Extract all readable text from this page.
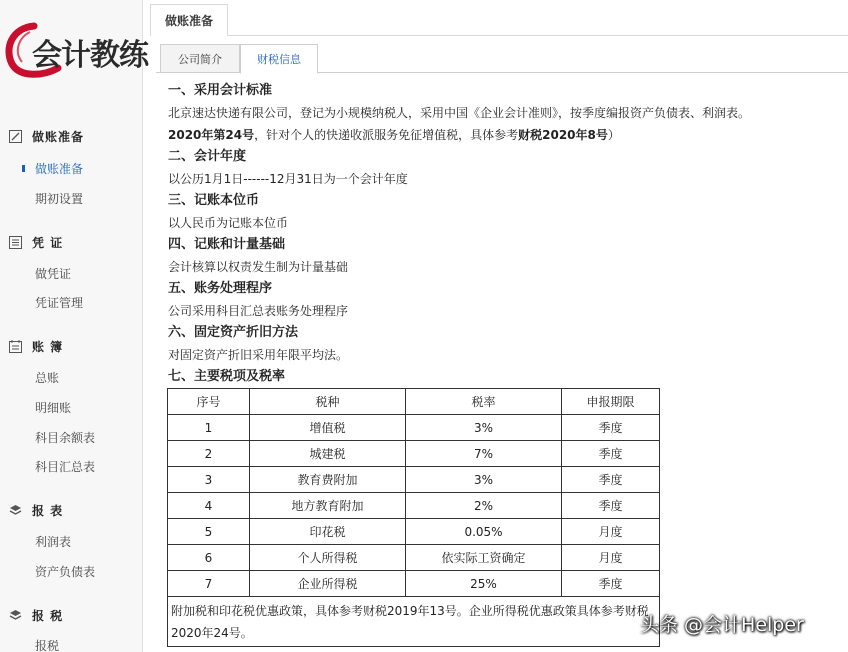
会计教练
做账准备
做账准备
期初设置
凭 证
做凭证
凭证管理
账 簿
总账
明细账
科目余额表
科目汇总表
报 表
利润表
资产负债表
报 税
报税
做账准备
公司简介	财税信息
一、采用会计标准
北京速达快递有限公司，登记为小规模纳税人，采用中国《企业会计准则》，按季度编报资产负债表、利润表。
2020年第24号，针对个人的快递收派服务免征增值税，具体参考财税2020年8号）
二、会计年度
以公历1月1日------12月31日为一个会计年度
三、记账本位币
以人民币为记账本位币
四、记账和计量基础
会计核算以权责发生制为计量基础
五、账务处理程序
公司采用科目汇总表账务处理程序
六、固定资产折旧方法
对固定资产折旧采用年限平均法。
七、主要税项及税率
序号	税种	税率	申报期限
1	增值税	3%	季度
2	城建税	7%	季度
3	教育费附加	3%	季度
4	地方教育附加	2%	季度
5	印花税	0.05%	月度
6	个人所得税	依实际工资确定	月度
7	企业所得税	25%	季度
附加税和印花税优惠政策，具体参考财税2019年13号。企业所得税优惠政策具体参考财税2020年24号。				头条 @会计Helper
